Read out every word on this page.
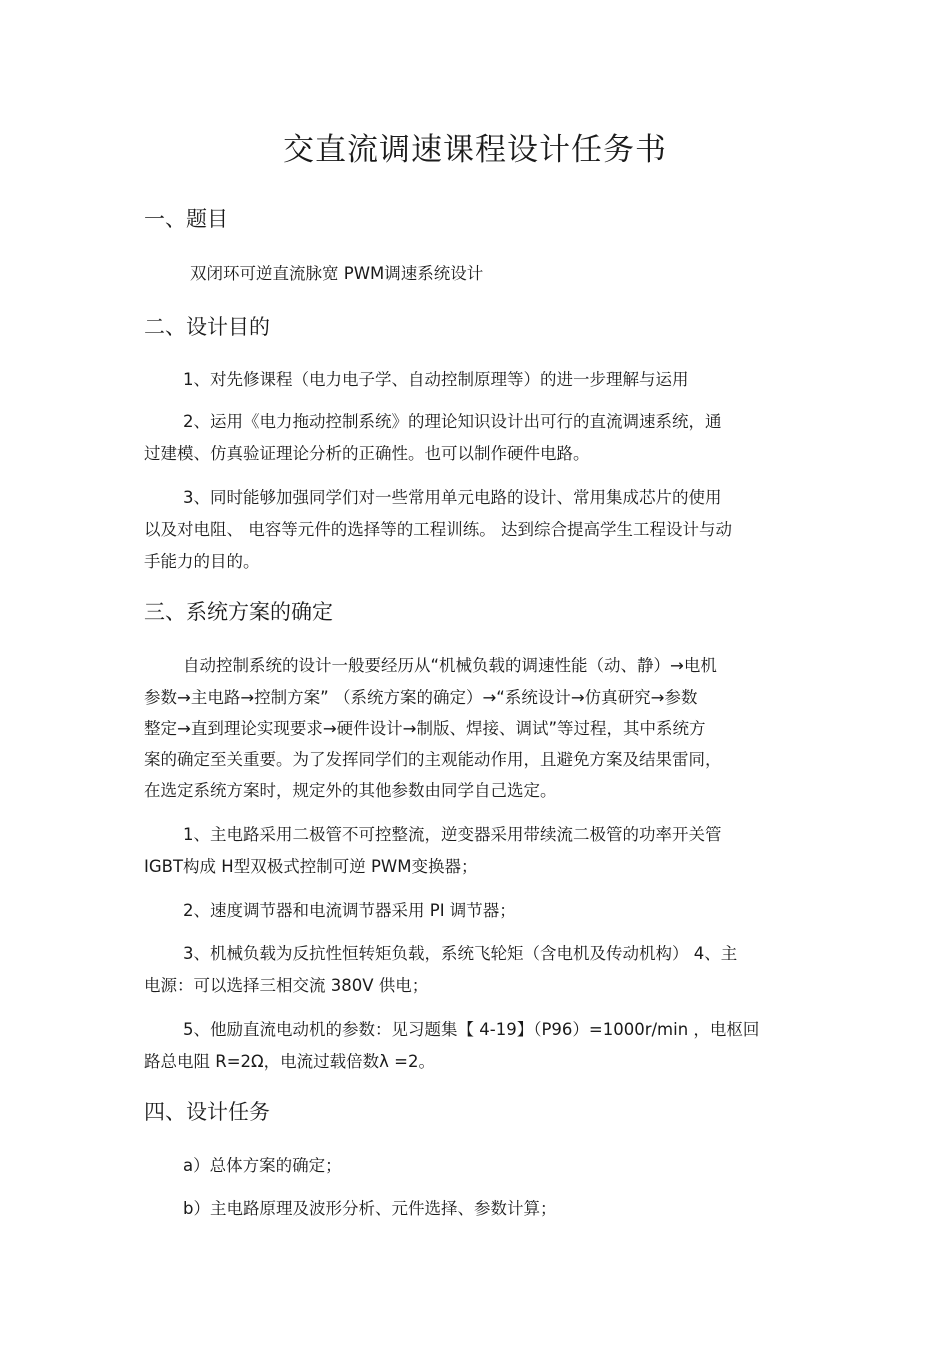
交直流调速课程设计任务书
一、题目
双闭环可逆直流脉宽 PWM调速系统设计
二、设计目的
1、对先修课程（电力电子学、自动控制原理等）的进一步理解与运用
2、运用《电力拖动控制系统》的理论知识设计出可行的直流调速系统，通
过建模、仿真验证理论分析的正确性。也可以制作硬件电路。
3、同时能够加强同学们对一些常用单元电路的设计、常用集成芯片的使用
以及对电阻、 电容等元件的选择等的工程训练。 达到综合提高学生工程设计与动
手能力的目的。
三、系统方案的确定
自动控制系统的设计一般要经历从“机械负载的调速性能（动、静）→电机
参数→主电路→控制方案” （系统方案的确定）→“系统设计→仿真研究→参数
整定→直到理论实现要求→硬件设计→制版、焊接、调试”等过程，其中系统方
案的确定至关重要。为了发挥同学们的主观能动作用，且避免方案及结果雷同，
在选定系统方案时，规定外的其他参数由同学自己选定。
1、主电路采用二极管不可控整流，逆变器采用带续流二极管的功率开关管
IGBT构成 H型双极式控制可逆 PWM变换器；
2、速度调节器和电流调节器采用 PI 调节器；
3、机械负载为反抗性恒转矩负载，系统飞轮矩（含电机及传动机构） 4、主
电源：可以选择三相交流 380V 供电；
5、他励直流电动机的参数：见习题集【 4-19】（P96）=1000r/min ，电枢回
路总电阻 R=2Ω，电流过载倍数λ =2。
四、设计任务
a）总体方案的确定；
b）主电路原理及波形分析、元件选择、参数计算；
